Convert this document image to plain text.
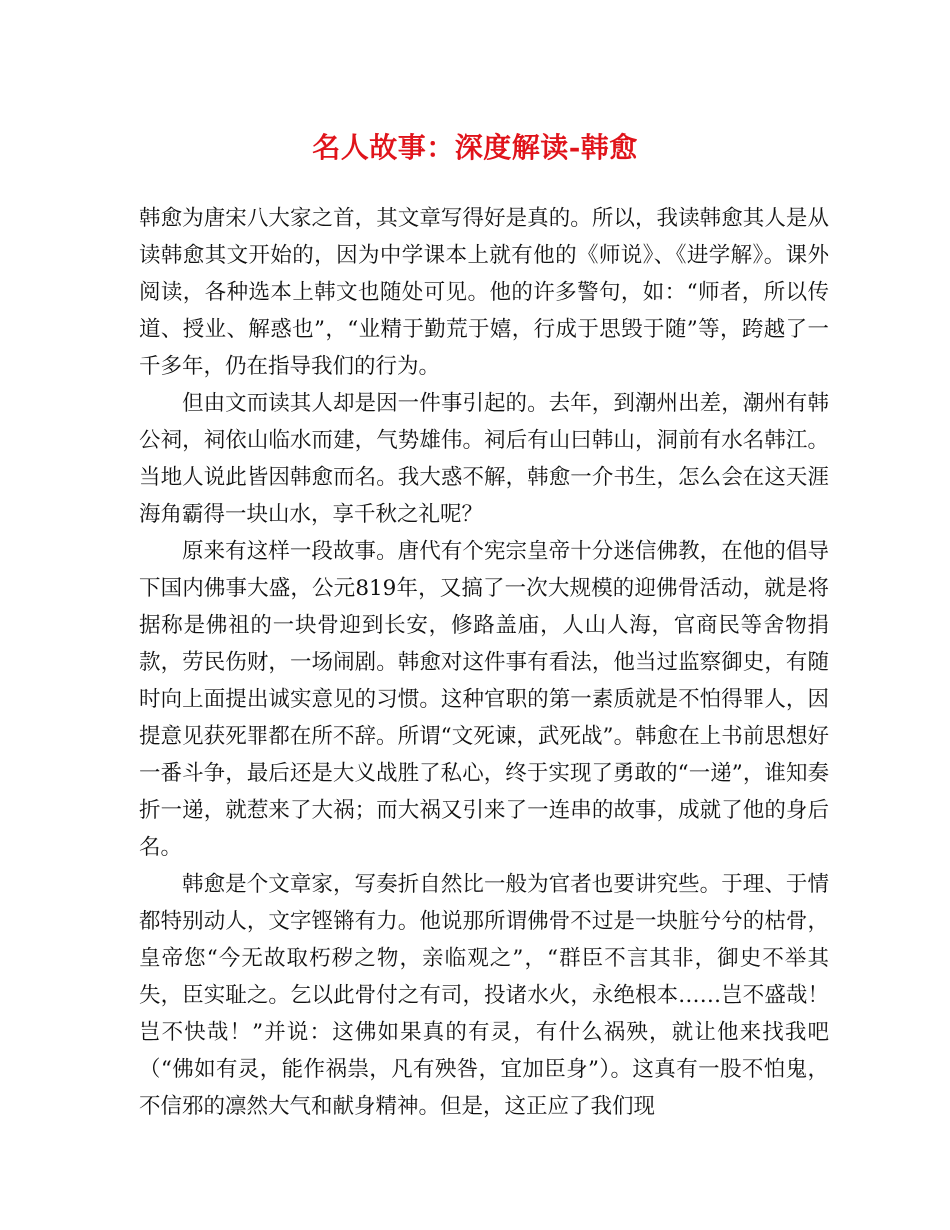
名人故事：深度解读-韩愈

韩愈为唐宋八大家之首，其文章写得好是真的。所以，我读韩愈其人是从读韩愈其文开始的，因为中学课本上就有他的《师说》、《进学解》。课外阅读，各种选本上韩文也随处可见。他的许多警句，如：“师者，所以传道、授业、解惑也”，“业精于勤荒于嬉，行成于思毁于随”等，跨越了一千多年，仍在指导我们的行为。

但由文而读其人却是因一件事引起的。去年，到潮州出差，潮州有韩公祠，祠依山临水而建，气势雄伟。祠后有山曰韩山，洞前有水名韩江。当地人说此皆因韩愈而名。我大惑不解，韩愈一介书生，怎么会在这天涯海角霸得一块山水，享千秋之礼呢？

原来有这样一段故事。唐代有个宪宗皇帝十分迷信佛教，在他的倡导下国内佛事大盛，公元819年，又搞了一次大规模的迎佛骨活动，就是将据称是佛祖的一块骨迎到长安，修路盖庙，人山人海，官商民等舍物捐款，劳民伤财，一场闹剧。韩愈对这件事有看法，他当过监察御史，有随时向上面提出诚实意见的习惯。这种官职的第一素质就是不怕得罪人，因提意见获死罪都在所不辞。所谓“文死谏，武死战”。韩愈在上书前思想好一番斗争，最后还是大义战胜了私心，终于实现了勇敢的“一递”，谁知奏折一递，就惹来了大祸；而大祸又引来了一连串的故事，成就了他的身后名。

韩愈是个文章家，写奏折自然比一般为官者也要讲究些。于理、于情都特别动人，文字铿锵有力。他说那所谓佛骨不过是一块脏兮兮的枯骨，皇帝您“今无故取朽秽之物，亲临观之”，“群臣不言其非，御史不举其失，臣实耻之。乞以此骨付之有司，投诸水火，永绝根本……岂不盛哉！岂不快哉！”并说：这佛如果真的有灵，有什么祸殃，就让他来找我吧（“佛如有灵，能作祸祟，凡有殃咎，宜加臣身”）。这真有一股不怕鬼，不信邪的凛然大气和献身精神。但是，这正应了我们现
